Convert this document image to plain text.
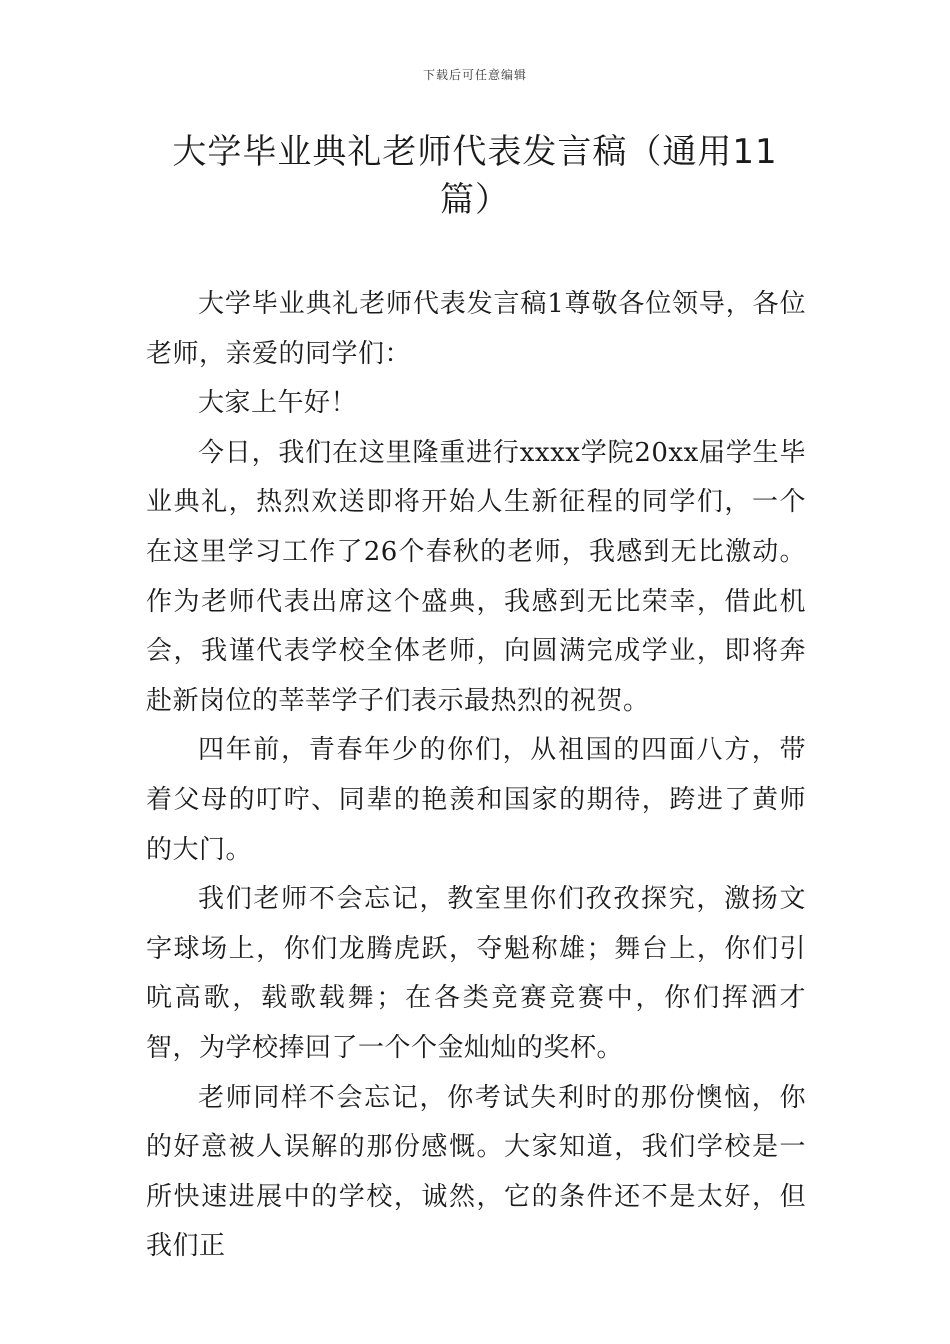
下载后可任意编辑
大学毕业典礼老师代表发言稿（通用11篇）

大学毕业典礼老师代表发言稿1尊敬各位领导，各位老师，亲爱的同学们：

大家上午好！

今日，我们在这里隆重进行xxxx学院20xx届学生毕业典礼，热烈欢送即将开始人生新征程的同学们，一个在这里学习工作了26个春秋的老师，我感到无比激动。作为老师代表出席这个盛典，我感到无比荣幸，借此机会，我谨代表学校全体老师，向圆满完成学业，即将奔赴新岗位的莘莘学子们表示最热烈的祝贺。

四年前，青春年少的你们，从祖国的四面八方，带着父母的叮咛、同辈的艳羡和国家的期待，跨进了黄师的大门。

我们老师不会忘记，教室里你们孜孜探究，激扬文字球场上，你们龙腾虎跃，夺魁称雄；舞台上，你们引吭高歌，载歌载舞；在各类竞赛竞赛中，你们挥洒才智，为学校捧回了一个个金灿灿的奖杯。

老师同样不会忘记，你考试失利时的那份懊恼，你的好意被人误解的那份感慨。大家知道，我们学校是一所快速进展中的学校，诚然，它的条件还不是太好，但我们正
